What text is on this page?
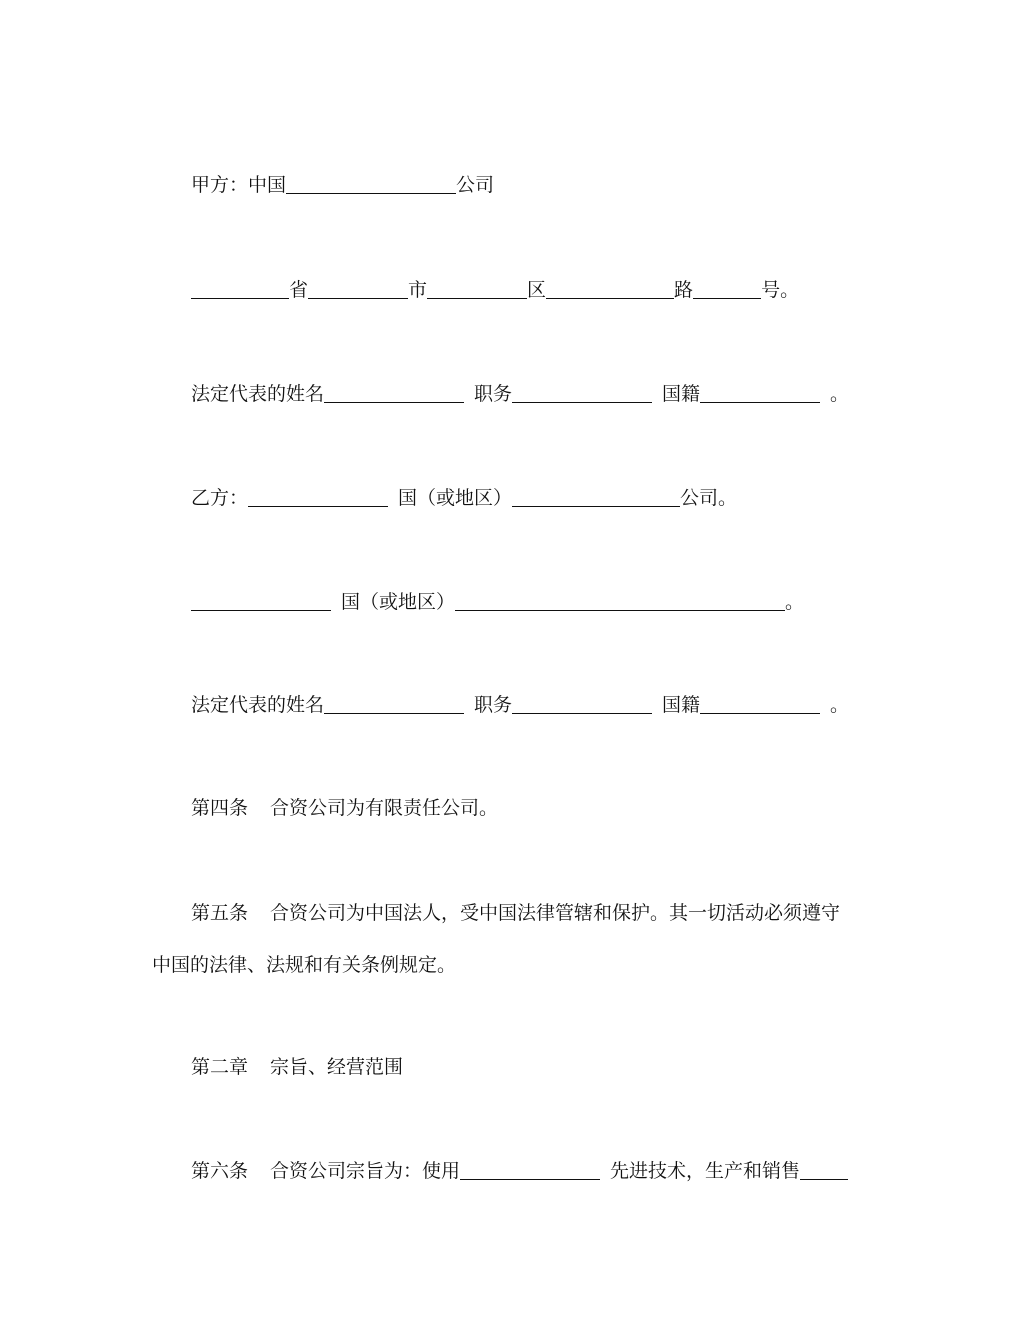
甲方：中国	公司
省	市	区	路	号。
法定代表的姓名	职务	国籍	。
乙方：	国（或地区）	公司。
国（或地区）	。
法定代表的姓名	职务	国籍	。
第四条 合资公司为有限责任公司。
第五条 合资公司为中国法人，受中国法律管辖和保护。其一切活动必须遵守
中国的法律、法规和有关条例规定。
第二章 宗旨、经营范围
第六条 合资公司宗旨为：使用	先进技术，生产和销售
